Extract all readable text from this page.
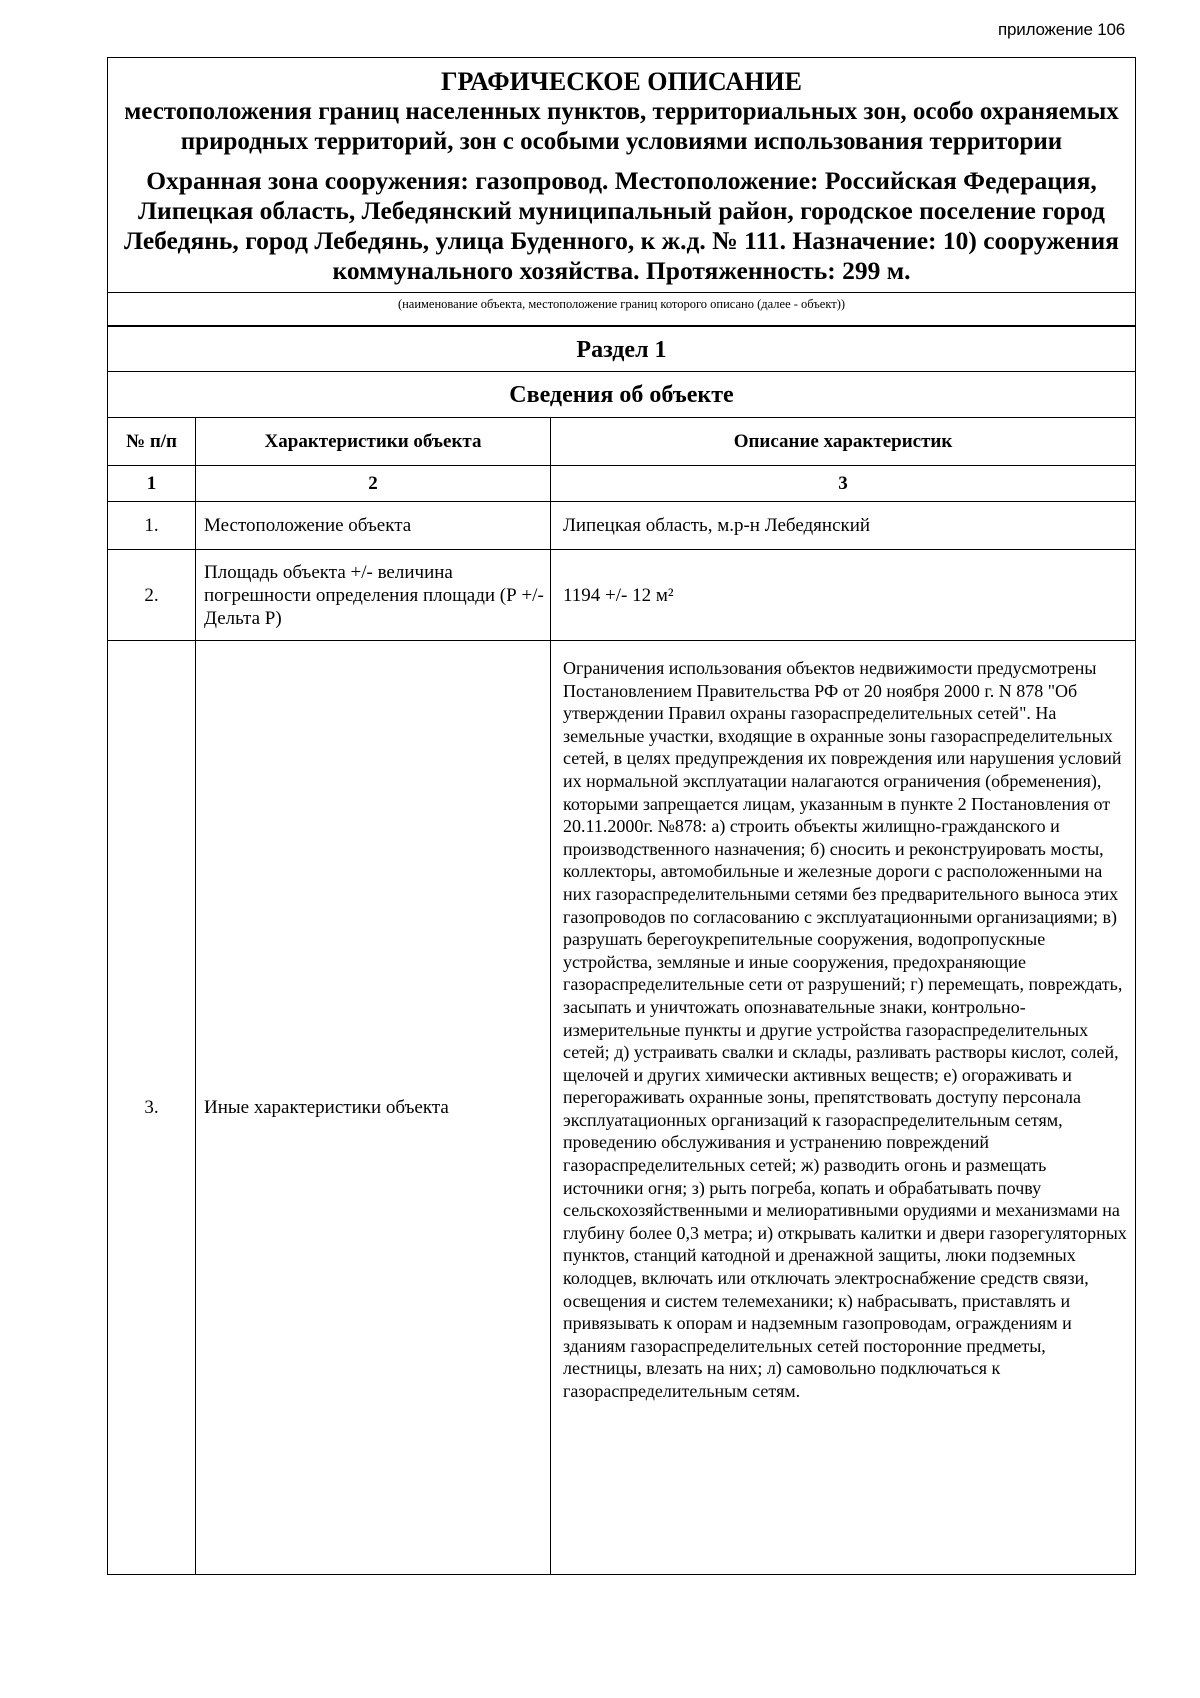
приложение 106
ГРАФИЧЕСКОЕ ОПИСАНИЕ
местоположения границ населенных пунктов, территориальных зон, особо охраняемых природных территорий, зон с особыми условиями использования территории
Охранная зона сооружения: газопровод. Местоположение: Российская Федерация, Липецкая область, Лебедянский муниципальный район, городское поселение город Лебедянь, город Лебедянь, улица Буденного, к ж.д. № 111. Назначение: 10) сооружения коммунального хозяйства. Протяженность: 299 м.
(наименование объекта, местоположение границ которого описано (далее - объект))
Раздел 1
Сведения об объекте
№ п/п	Характеристики объекта	Описание характеристик
1	2	3
1.	Местоположение объекта	Липецкая область, м.р-н Лебедянский
2.	Площадь объекта +/- величина погрешности определения площади (Р +/- Дельта Р)	1194 +/- 12 м²
3.	Иные характеристики объекта	Ограничения использования объектов недвижимости предусмотрены Постановлением Правительства РФ от 20 ноября 2000 г. N 878 "Об утверждении Правил охраны газораспределительных сетей". На земельные участки, входящие в охранные зоны газораспределительных сетей, в целях предупреждения их повреждения или нарушения условий их нормальной эксплуатации налагаются ограничения (обременения), которыми запрещается лицам, указанным в пункте 2 Постановления от 20.11.2000г. №878: а) строить объекты жилищно-гражданского и производственного назначения; б) сносить и реконструировать мосты, коллекторы, автомобильные и железные дороги с расположенными на них газораспределительными сетями без предварительного выноса этих газопроводов по согласованию с эксплуатационными организациями; в) разрушать берегоукрепительные сооружения, водопропускные устройства, земляные и иные сооружения, предохраняющие газораспределительные сети от разрушений; г) перемещать, повреждать, засыпать и уничтожать опознавательные знаки, контрольно-измерительные пункты и другие устройства газораспределительных сетей; д) устраивать свалки и склады, разливать растворы кислот, солей, щелочей и других химически активных веществ; е) огораживать и перегораживать охранные зоны, препятствовать доступу персонала эксплуатационных организаций к газораспределительным сетям, проведению обслуживания и устранению повреждений газораспределительных сетей; ж) разводить огонь и размещать источники огня; з) рыть погреба, копать и обрабатывать почву сельскохозяйственными и мелиоративными орудиями и механизмами на глубину более 0,3 метра; и) открывать калитки и двери газорегуляторных пунктов, станций катодной и дренажной защиты, люки подземных колодцев, включать или отключать электроснабжение средств связи, освещения и систем телемеханики; к) набрасывать, приставлять и привязывать к опорам и надземным газопроводам, ограждениям и зданиям газораспределительных сетей посторонние предметы, лестницы, влезать на них; л) самовольно подключаться к газораспределительным сетям.
